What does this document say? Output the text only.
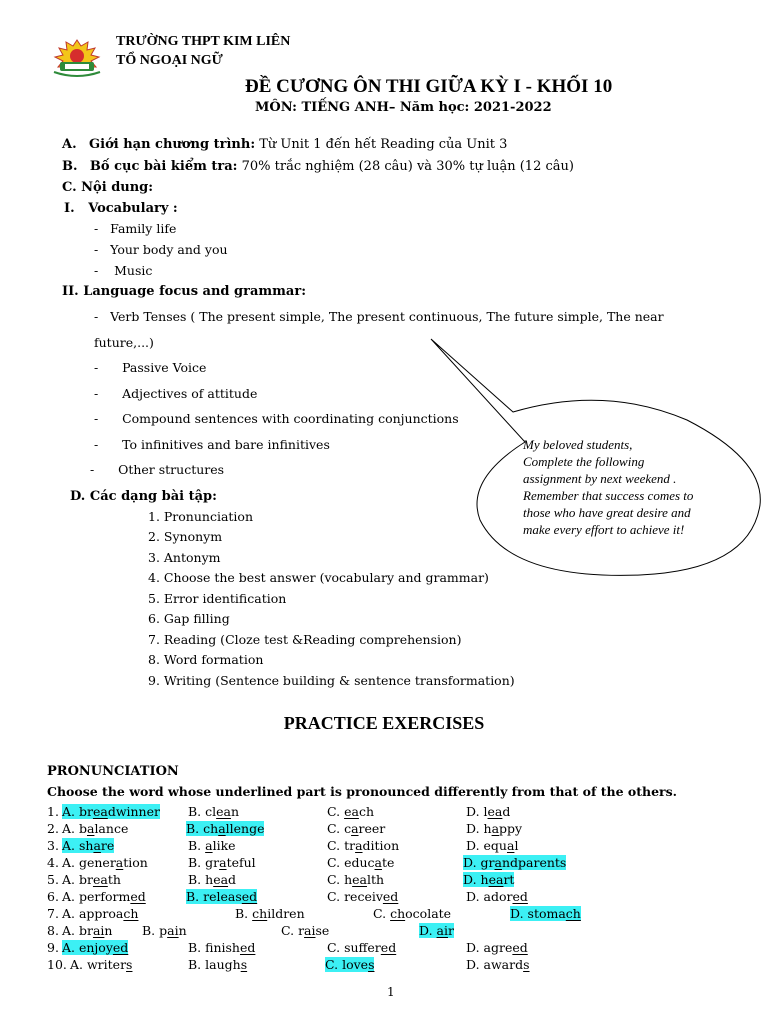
TRƯỜNG THPT KIM LIÊN
TỔ NGOẠI NGỮ
ĐỀ CƯƠNG ÔN THI GIỮA KỲ I - KHỐI 10
MÔN: TIẾNG ANH– Năm học: 2021-2022
A. Giới hạn chương trình: Từ Unit 1 đến hết Reading của Unit 3
B. Bố cục bài kiểm tra: 70% trắc nghiệm (28 câu) và 30% tự luận (12 câu)
C. Nội dung:
I. Vocabulary :
-   Family life
-   Your body and you
-    Music
II. Language focus and grammar:
-   Verb Tenses ( The present simple, The present continuous, The future simple, The near
future,...)
-      Passive Voice
-      Adjectives of attitude
-      Compound sentences with coordinating conjunctions
-      To infinitives and bare infinitives
-      Other structures
My beloved students,
Complete the following
assignment by next weekend .
Remember that success comes to
those who have great desire and
make every effort to achieve it!
D. Các dạng bài tập:
1. Pronunciation
2. Synonym
3. Antonym
4. Choose the best answer (vocabulary and grammar)
5. Error identification
6. Gap filling
7. Reading (Cloze test &Reading comprehension)
8. Word formation
9. Writing (Sentence building & sentence transformation)
PRACTICE EXERCISES
PRONUNCIATION
Choose the word whose underlined part is pronounced differently from that of the others.
1. A. breadwinner B. clean	C. each	D. lead
2. A. balance	B. challenge	C. career	D. happy
3. A. share	B. alike	C. tradition	D. equal
4. A. generation	B. grateful	C. educate	D. grandparents
5. A. breath	B. head	C. health	D. heart
6. A. performed	B. released	C. received	D. adored
7. A. approach	B. children	C. chocolate	D. stomach
8. A. brain B. pain	C. raise	D. air
9. A. enjoyed	B. finished	C. suffered	D. agreed
10. A. writers	B. laughs	C. loves	D. awards
1
